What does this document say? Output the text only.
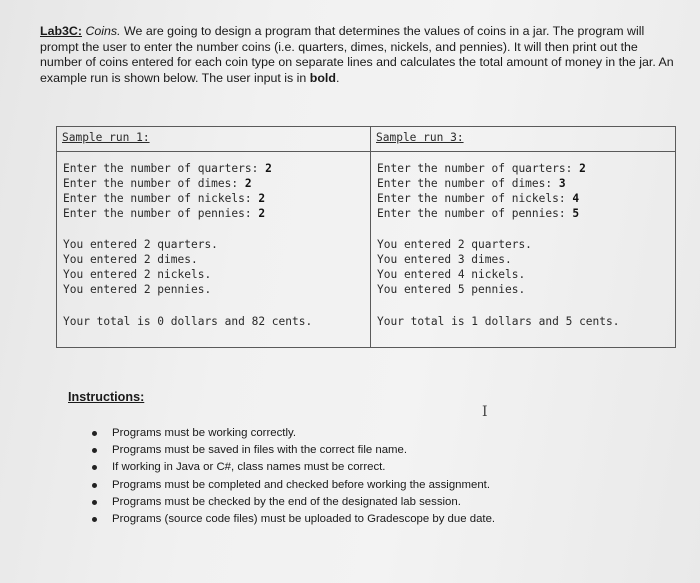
Lab3C: Coins. We are going to design a program that determines the values of coins in a jar. The program will prompt the user to enter the number coins (i.e. quarters, dimes, nickels, and pennies). It will then print out the number of coins entered for each coin type on separate lines and calculates the total amount of money in the jar. An example run is shown below. The user input is in bold.
Sample run 1:
Enter the number of quarters: 2
Enter the number of dimes: 2
Enter the number of nickels: 2
Enter the number of pennies: 2
You entered 2 quarters.
You entered 2 dimes.
You entered 2 nickels.
You entered 2 pennies.
Your total is 0 dollars and 82 cents.
Sample run 3:
Enter the number of quarters: 2
Enter the number of dimes: 3
Enter the number of nickels: 4
Enter the number of pennies: 5
You entered 2 quarters.
You entered 3 dimes.
You entered 4 nickels.
You entered 5 pennies.
Your total is 1 dollars and 5 cents.
Instructions:
I
Programs must be working correctly.
Programs must be saved in files with the correct file name.
If working in Java or C#, class names must be correct.
Programs must be completed and checked before working the assignment.
Programs must be checked by the end of the designated lab session.
Programs (source code files) must be uploaded to Gradescope by due date.
